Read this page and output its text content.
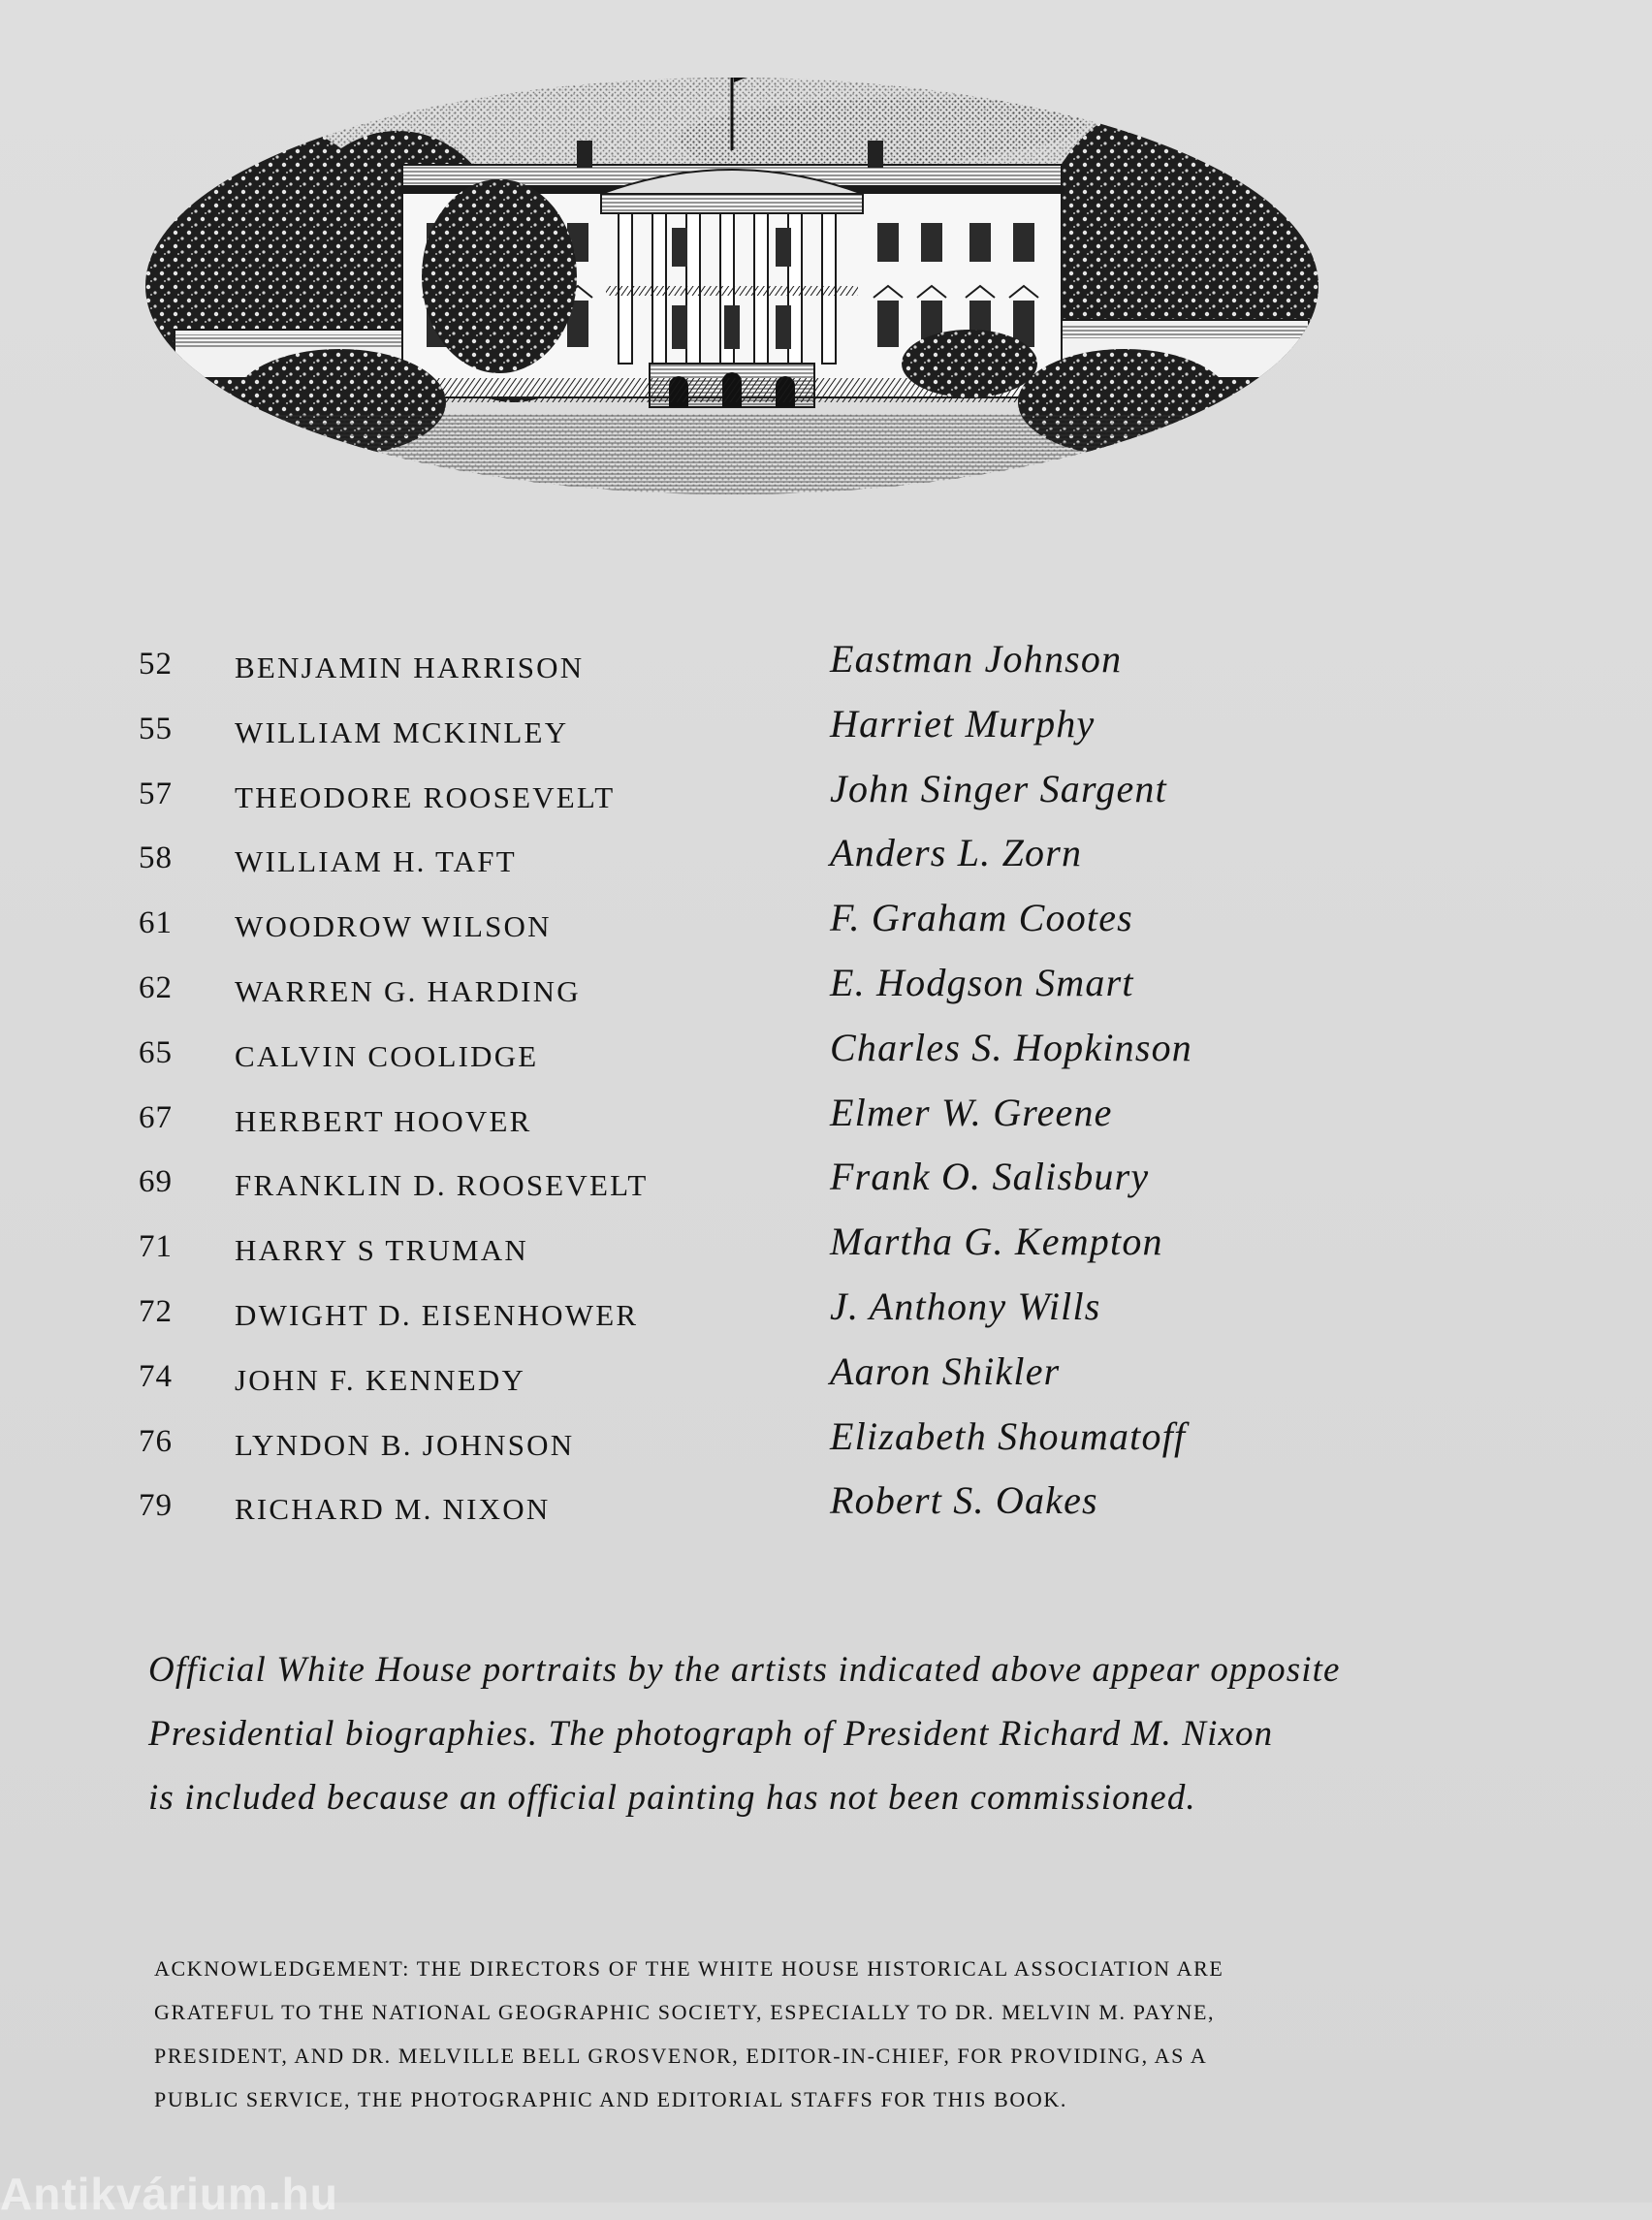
52 BENJAMIN HARRISON	Eastman Johnson
55 WILLIAM MCKINLEY	Harriet Murphy
57 THEODORE ROOSEVELT	John Singer Sargent
58 WILLIAM H. TAFT	Anders L. Zorn
61 WOODROW WILSON	F. Graham Cootes
62 WARREN G. HARDING	E. Hodgson Smart
65 CALVIN COOLIDGE	Charles S. Hopkinson
67 HERBERT HOOVER	Elmer W. Greene
69 FRANKLIN D. ROOSEVELT	Frank O. Salisbury
71 HARRY S TRUMAN	Martha G. Kempton
72 DWIGHT D. EISENHOWER	J. Anthony Wills
74 JOHN F. KENNEDY	Aaron Shikler
76 LYNDON B. JOHNSON	Elizabeth Shoumatoff
79 RICHARD M. NIXON	Robert S. Oakes

Official White House portraits by the artists indicated above appear opposite
Presidential biographies. The photograph of President Richard M. Nixon
is included because an official painting has not been commissioned.

ACKNOWLEDGEMENT: THE DIRECTORS OF THE WHITE HOUSE HISTORICAL ASSOCIATION ARE
GRATEFUL TO THE NATIONAL GEOGRAPHIC SOCIETY, ESPECIALLY TO DR. MELVIN M. PAYNE,
PRESIDENT, AND DR. MELVILLE BELL GROSVENOR, EDITOR-IN-CHIEF, FOR PROVIDING, AS A
PUBLIC SERVICE, THE PHOTOGRAPHIC AND EDITORIAL STAFFS FOR THIS BOOK.

Antikvárium.hu
